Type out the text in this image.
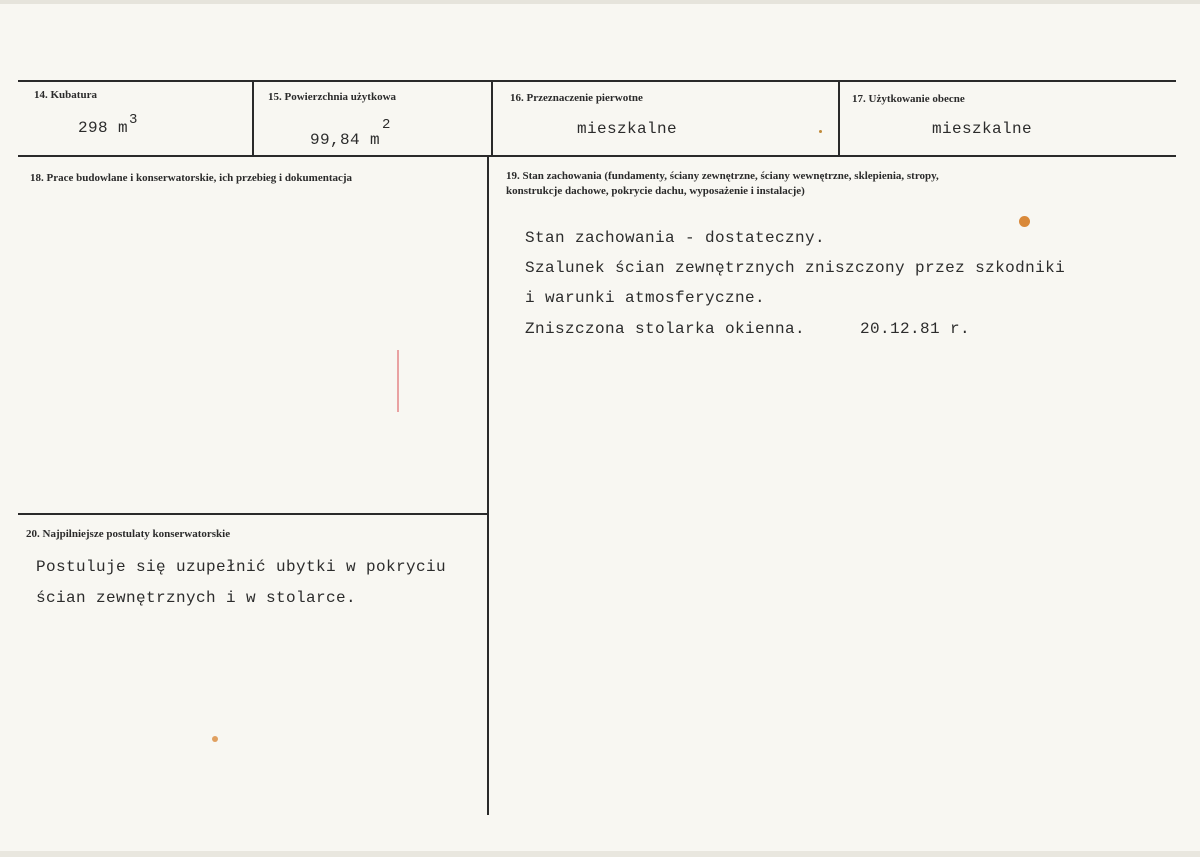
14. Kubatura
298 m 3
15. Powierzchnia użytkowa
99,84 m
2
16. Przeznaczenie pierwotne
mieszkalne
17. Użytkowanie obecne
mieszkalne
18. Prace budowlane i konserwatorskie, ich przebieg i dokumentacja	19. Stan zachowania (fundamenty, ściany zewnętrzne, ściany wewnętrzne, sklepienia, stropy,
konstrukcje dachowe, pokrycie dachu, wyposażenie i instalacje)
Stan zachowania - dostateczny.
Szalunek ścian zewnętrznych zniszczony przez szkodniki
i warunki atmosferyczne.
Zniszczona stolarka okienna.	20.12.81 r.
20. Najpilniejsze postulaty konserwatorskie
Postuluje się uzupełnić ubytki w pokryciu
ścian zewnętrznych i w stolarce.
